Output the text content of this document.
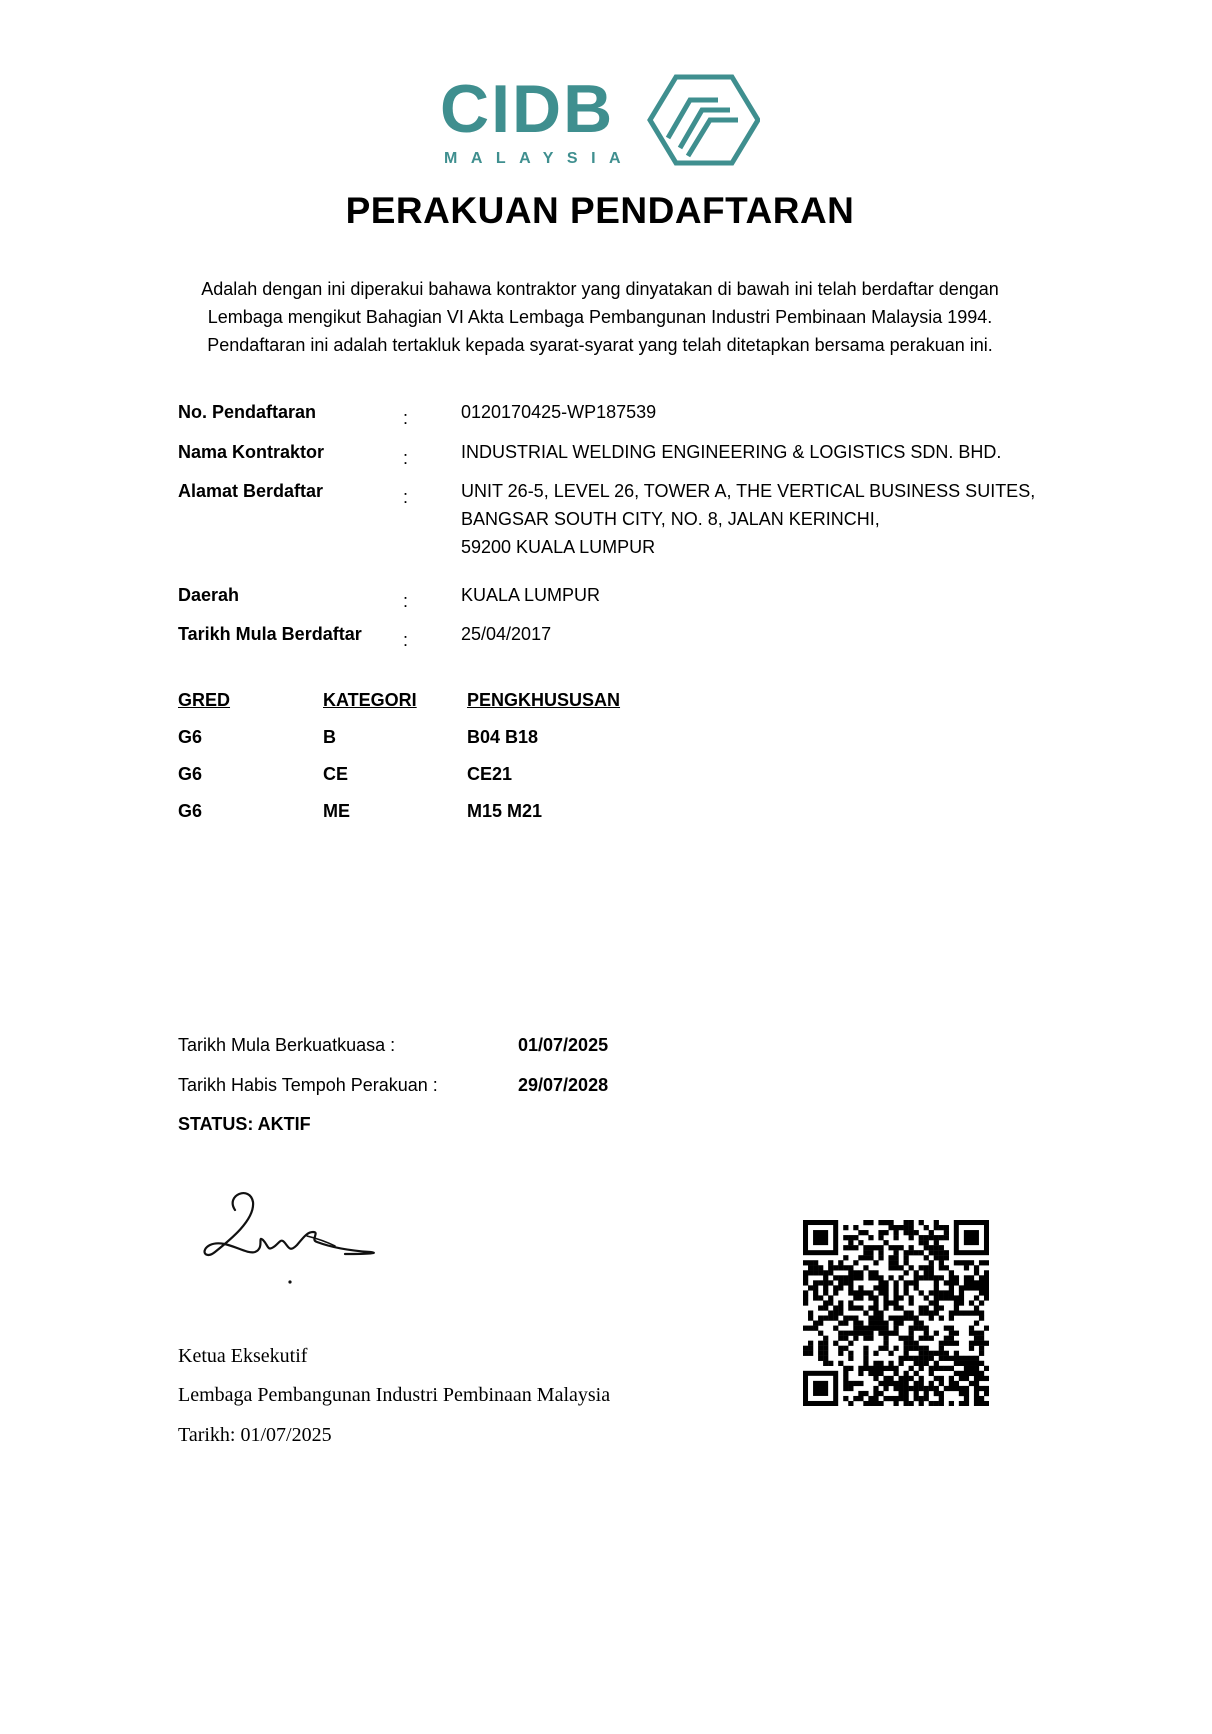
CIDB
MALAYSIA
PERAKUAN PENDAFTARAN
Adalah dengan ini diperakui bahawa kontraktor yang dinyatakan di bawah ini telah berdaftar dengan
Lembaga mengikut Bahagian VI Akta Lembaga Pembangunan Industri Pembinaan Malaysia 1994.
Pendaftaran ini adalah tertakluk kepada syarat-syarat yang telah ditetapkan bersama perakuan ini.
No. Pendaftaran	:	0120170425-WP187539
Nama Kontraktor	:	INDUSTRIAL WELDING ENGINEERING & LOGISTICS SDN. BHD.
Alamat Berdaftar	:	UNIT 26-5, LEVEL 26, TOWER A, THE VERTICAL BUSINESS SUITES,
BANGSAR SOUTH CITY, NO. 8, JALAN KERINCHI,
59200 KUALA LUMPUR
Daerah	:	KUALA LUMPUR
Tarikh Mula Berdaftar :	25/04/2017
GRED	KATEGORI	PENGKHUSUSAN
G6	B	B04 B18
G6	CE	CE21
G6	ME	M15 M21
Tarikh Mula Berkuatkuasa :	01/07/2025
Tarikh Habis Tempoh Perakuan :	29/07/2028
STATUS: AKTIF
Ketua Eksekutif
Lembaga Pembangunan Industri Pembinaan Malaysia
Tarikh: 01/07/2025
